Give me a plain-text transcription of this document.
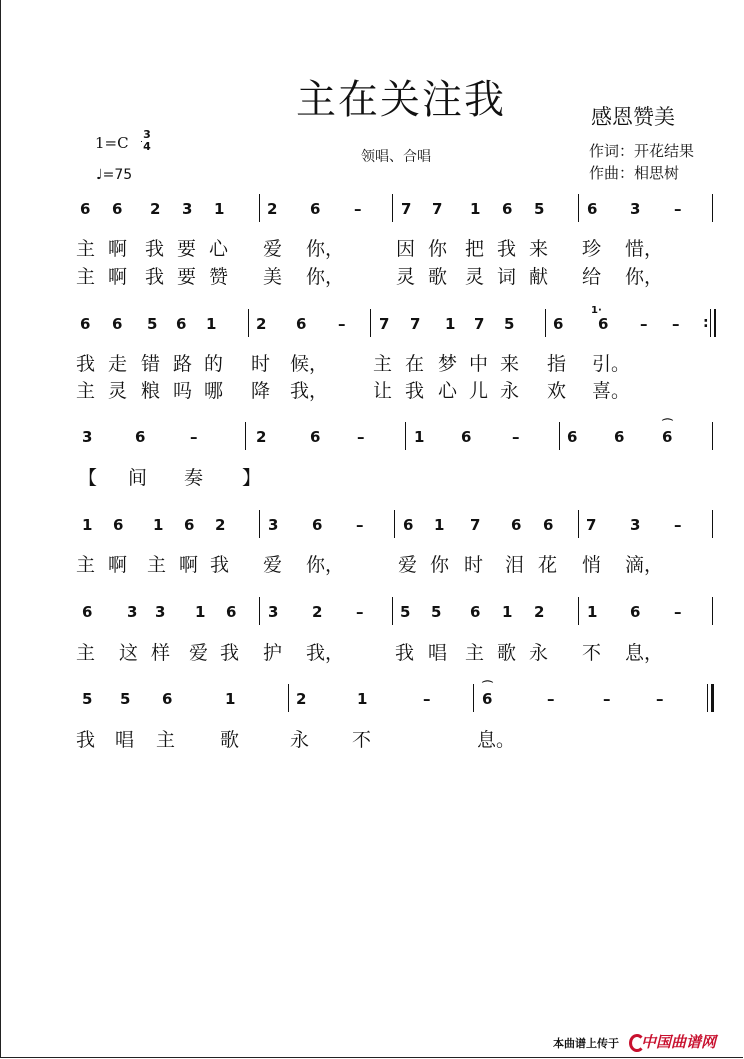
主在关注我	感恩赞美
1=C 3
4
♩=75
领唱、合唱	作词：开花结果
作曲：相思树
6 6 2 3 1	2 6 –	7 7 1 6 5	6 3 –
主 啊 我 要 心 爱 你，	因 你 把 我 来 珍 惜，
主 啊 我 要 赞 美 你，	灵 歌 灵 词 献 给 你，
6 6 5 6 1	2 6 – 7 7 1 7 5	6 6 – –
1·
:
我 走 错 路 的 时 候， 主 在 梦 中 来 指 引。
主 灵 粮 吗 哪 降 我， 让 我 心 儿 永 欢 喜。
3	6	–	2	6 –	1 6	–	6 6	6
⌒
【 间 奏 】
1 6 1 6 2	3 6 –	6 1 7 6 6 7 3 –
主 啊 主 啊 我 爱 你，	爱 你 时 泪 花 悄 滴，
6 3 3 1 6 3 2 – 5 5 6 1 2	1 6 –
主 这 样 爱 我 护 我，	我 唱 主 歌 永 不 息，
5 5 6	1	2	1	–	6	–	–	–
⌒
我 唱 主 歌	永 不	息。
本曲谱上传于 中国曲谱网
